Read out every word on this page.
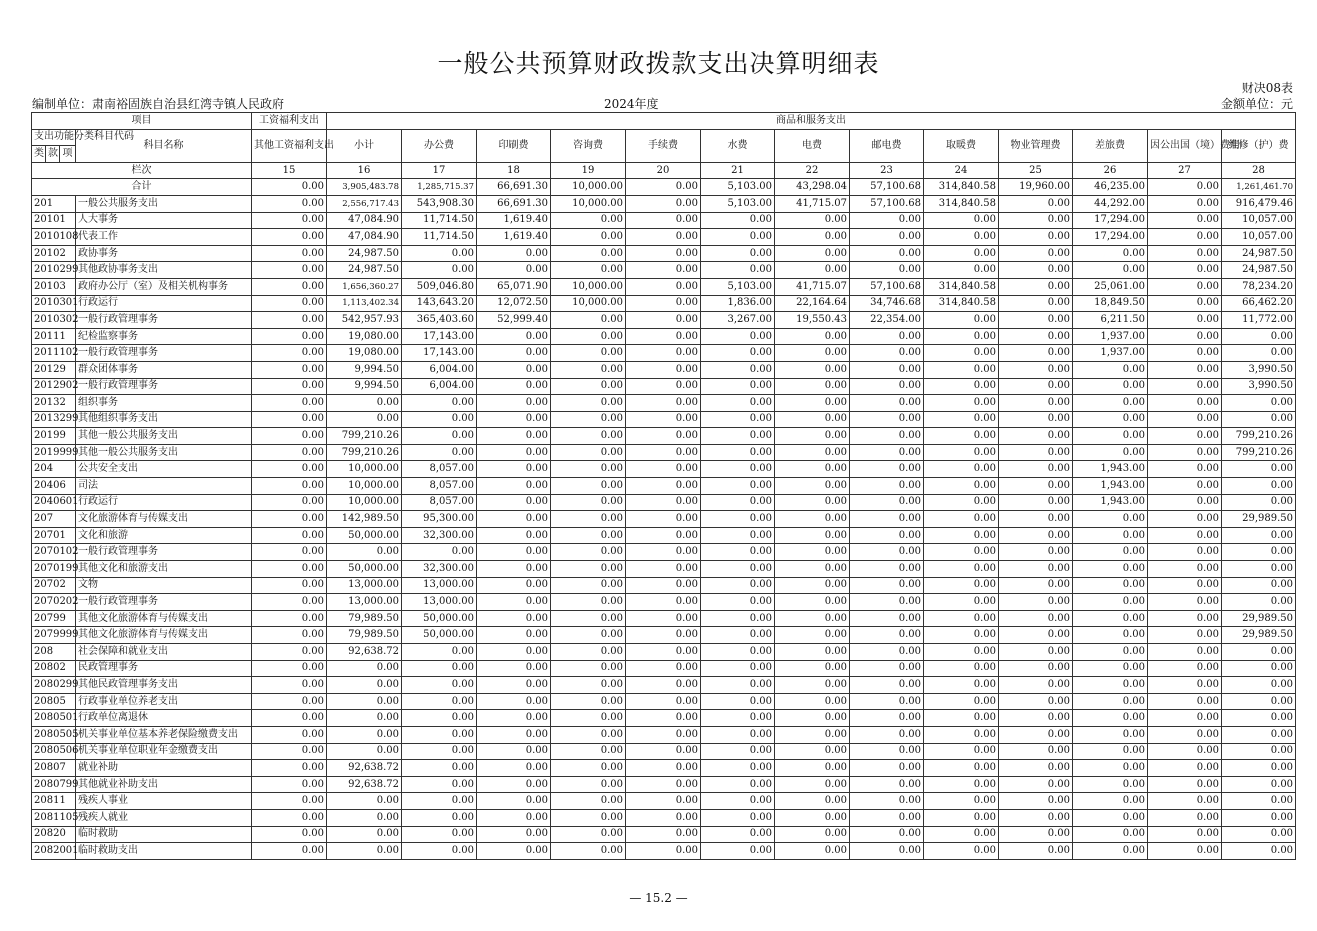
一般公共预算财政拨款支出决算明细表
财决08表
编制单位：肃南裕固族自治县红湾寺镇人民政府	2024年度	金额单位：元
项目				工资福利支出	商品和服务支出												
支出功能分类科目代码			科目名称	其他工资福利支出	小计	办公费	印刷费	咨询费	手续费	水费	电费	邮电费	取暖费	物业管理费	差旅费	因公出国（境）费用	维修（护）费
类	款	项															
栏次				15	16	17	18	19	20	21	22	23	24	25	26	27	28
合计				0.00	3,905,483.78	1,285,715.37	66,691.30	10,000.00	0.00	5,103.00	43,298.04	57,100.68	314,840.58	19,960.00	46,235.00	0.00	1,261,461.70
201			一般公共服务支出	0.00	2,556,717.43	543,908.30	66,691.30	10,000.00	0.00	5,103.00	41,715.07	57,100.68	314,840.58	0.00	44,292.00	0.00	916,479.46
20101			人大事务	0.00	47,084.90	11,714.50	1,619.40	0.00	0.00	0.00	0.00	0.00	0.00	0.00	17,294.00	0.00	10,057.00
2010108			代表工作	0.00	47,084.90	11,714.50	1,619.40	0.00	0.00	0.00	0.00	0.00	0.00	0.00	17,294.00	0.00	10,057.00
20102			政协事务	0.00	24,987.50	0.00	0.00	0.00	0.00	0.00	0.00	0.00	0.00	0.00	0.00	0.00	24,987.50
2010299			其他政协事务支出	0.00	24,987.50	0.00	0.00	0.00	0.00	0.00	0.00	0.00	0.00	0.00	0.00	0.00	24,987.50
20103			政府办公厅（室）及相关机构事务	0.00	1,656,360.27	509,046.80	65,071.90	10,000.00	0.00	5,103.00	41,715.07	57,100.68	314,840.58	0.00	25,061.00	0.00	78,234.20
2010301			行政运行	0.00	1,113,402.34	143,643.20	12,072.50	10,000.00	0.00	1,836.00	22,164.64	34,746.68	314,840.58	0.00	18,849.50	0.00	66,462.20
2010302			一般行政管理事务	0.00	542,957.93	365,403.60	52,999.40	0.00	0.00	3,267.00	19,550.43	22,354.00	0.00	0.00	6,211.50	0.00	11,772.00
20111			纪检监察事务	0.00	19,080.00	17,143.00	0.00	0.00	0.00	0.00	0.00	0.00	0.00	0.00	1,937.00	0.00	0.00
2011102			一般行政管理事务	0.00	19,080.00	17,143.00	0.00	0.00	0.00	0.00	0.00	0.00	0.00	0.00	1,937.00	0.00	0.00
20129			群众团体事务	0.00	9,994.50	6,004.00	0.00	0.00	0.00	0.00	0.00	0.00	0.00	0.00	0.00	0.00	3,990.50
2012902			一般行政管理事务	0.00	9,994.50	6,004.00	0.00	0.00	0.00	0.00	0.00	0.00	0.00	0.00	0.00	0.00	3,990.50
20132			组织事务	0.00	0.00	0.00	0.00	0.00	0.00	0.00	0.00	0.00	0.00	0.00	0.00	0.00	0.00
2013299			其他组织事务支出	0.00	0.00	0.00	0.00	0.00	0.00	0.00	0.00	0.00	0.00	0.00	0.00	0.00	0.00
20199			其他一般公共服务支出	0.00	799,210.26	0.00	0.00	0.00	0.00	0.00	0.00	0.00	0.00	0.00	0.00	0.00	799,210.26
2019999			其他一般公共服务支出	0.00	799,210.26	0.00	0.00	0.00	0.00	0.00	0.00	0.00	0.00	0.00	0.00	0.00	799,210.26
204			公共安全支出	0.00	10,000.00	8,057.00	0.00	0.00	0.00	0.00	0.00	0.00	0.00	0.00	1,943.00	0.00	0.00
20406			司法	0.00	10,000.00	8,057.00	0.00	0.00	0.00	0.00	0.00	0.00	0.00	0.00	1,943.00	0.00	0.00
2040601			行政运行	0.00	10,000.00	8,057.00	0.00	0.00	0.00	0.00	0.00	0.00	0.00	0.00	1,943.00	0.00	0.00
207			文化旅游体育与传媒支出	0.00	142,989.50	95,300.00	0.00	0.00	0.00	0.00	0.00	0.00	0.00	0.00	0.00	0.00	29,989.50
20701			文化和旅游	0.00	50,000.00	32,300.00	0.00	0.00	0.00	0.00	0.00	0.00	0.00	0.00	0.00	0.00	0.00
2070102			一般行政管理事务	0.00	0.00	0.00	0.00	0.00	0.00	0.00	0.00	0.00	0.00	0.00	0.00	0.00	0.00
2070199			其他文化和旅游支出	0.00	50,000.00	32,300.00	0.00	0.00	0.00	0.00	0.00	0.00	0.00	0.00	0.00	0.00	0.00
20702			文物	0.00	13,000.00	13,000.00	0.00	0.00	0.00	0.00	0.00	0.00	0.00	0.00	0.00	0.00	0.00
2070202			一般行政管理事务	0.00	13,000.00	13,000.00	0.00	0.00	0.00	0.00	0.00	0.00	0.00	0.00	0.00	0.00	0.00
20799			其他文化旅游体育与传媒支出	0.00	79,989.50	50,000.00	0.00	0.00	0.00	0.00	0.00	0.00	0.00	0.00	0.00	0.00	29,989.50
2079999			其他文化旅游体育与传媒支出	0.00	79,989.50	50,000.00	0.00	0.00	0.00	0.00	0.00	0.00	0.00	0.00	0.00	0.00	29,989.50
208			社会保障和就业支出	0.00	92,638.72	0.00	0.00	0.00	0.00	0.00	0.00	0.00	0.00	0.00	0.00	0.00	0.00
20802			民政管理事务	0.00	0.00	0.00	0.00	0.00	0.00	0.00	0.00	0.00	0.00	0.00	0.00	0.00	0.00
2080299			其他民政管理事务支出	0.00	0.00	0.00	0.00	0.00	0.00	0.00	0.00	0.00	0.00	0.00	0.00	0.00	0.00
20805			行政事业单位养老支出	0.00	0.00	0.00	0.00	0.00	0.00	0.00	0.00	0.00	0.00	0.00	0.00	0.00	0.00
2080501			行政单位离退休	0.00	0.00	0.00	0.00	0.00	0.00	0.00	0.00	0.00	0.00	0.00	0.00	0.00	0.00
2080505			机关事业单位基本养老保险缴费支出	0.00	0.00	0.00	0.00	0.00	0.00	0.00	0.00	0.00	0.00	0.00	0.00	0.00	0.00
2080506			机关事业单位职业年金缴费支出	0.00	0.00	0.00	0.00	0.00	0.00	0.00	0.00	0.00	0.00	0.00	0.00	0.00	0.00
20807			就业补助	0.00	92,638.72	0.00	0.00	0.00	0.00	0.00	0.00	0.00	0.00	0.00	0.00	0.00	0.00
2080799			其他就业补助支出	0.00	92,638.72	0.00	0.00	0.00	0.00	0.00	0.00	0.00	0.00	0.00	0.00	0.00	0.00
20811			残疾人事业	0.00	0.00	0.00	0.00	0.00	0.00	0.00	0.00	0.00	0.00	0.00	0.00	0.00	0.00
2081105			残疾人就业	0.00	0.00	0.00	0.00	0.00	0.00	0.00	0.00	0.00	0.00	0.00	0.00	0.00	0.00
20820			临时救助	0.00	0.00	0.00	0.00	0.00	0.00	0.00	0.00	0.00	0.00	0.00	0.00	0.00	0.00
2082001			临时救助支出	0.00	0.00	0.00	0.00	0.00	0.00	0.00	0.00	0.00	0.00	0.00	0.00	0.00	0.00
— 15.2 —
